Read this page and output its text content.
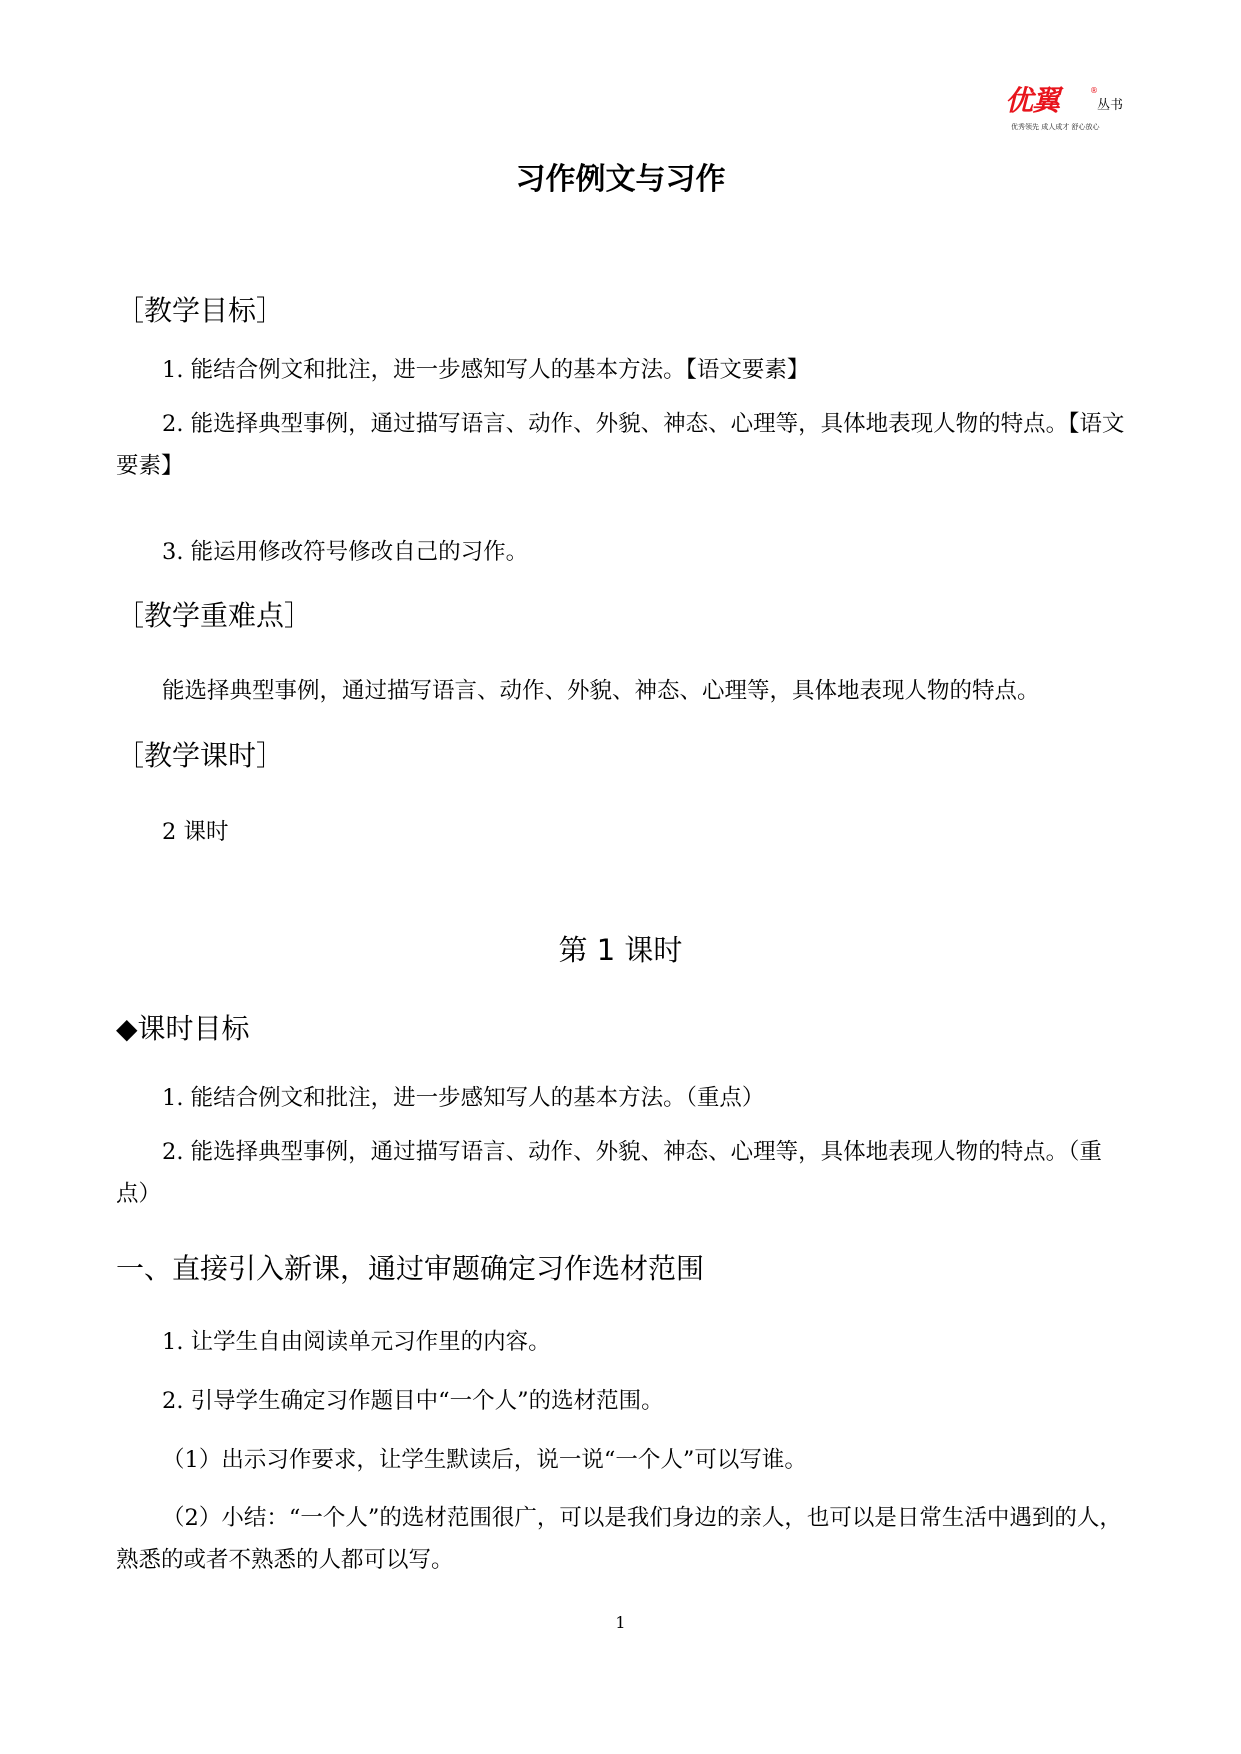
优翼	®
丛书
优秀领先 成人成才 舒心放心
习作例文与习作
［教学目标］

1. 能结合例文和批注，进一步感知写人的基本方法。【语文要素】

2. 能选择典型事例，通过描写语言、动作、外貌、神态、心理等，具体地表现人物的特点。【语文要素】

3. 能运用修改符号修改自己的习作。

［教学重难点］

能选择典型事例，通过描写语言、动作、外貌、神态、心理等，具体地表现人物的特点。

［教学课时］

2 课时

第 1 课时
◆课时目标

1. 能结合例文和批注，进一步感知写人的基本方法。（重点）

2. 能选择典型事例，通过描写语言、动作、外貌、神态、心理等，具体地表现人物的特点。（重点）

一、直接引入新课，通过审题确定习作选材范围

1. 让学生自由阅读单元习作里的内容。

2. 引导学生确定习作题目中“一个人”的选材范围。

（1）出示习作要求，让学生默读后，说一说“一个人”可以写谁。

（2）小结：“一个人”的选材范围很广，可以是我们身边的亲人，也可以是日常生活中遇到的人，熟悉的或者不熟悉的人都可以写。

1
